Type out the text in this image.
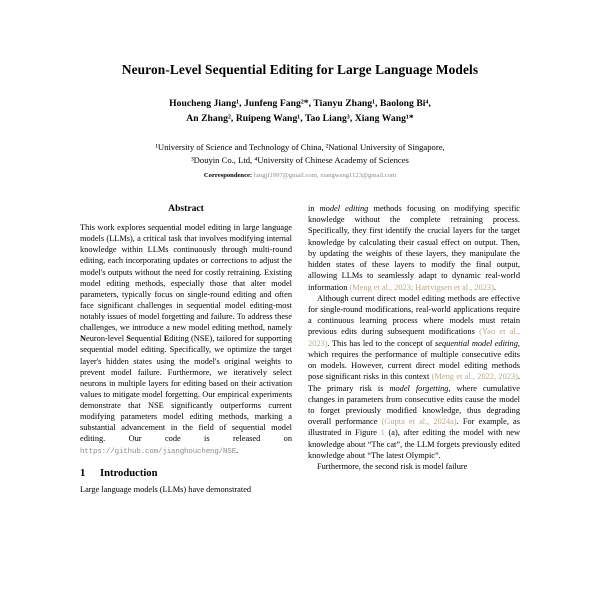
Neuron-Level Sequential Editing for Large Language Models
Houcheng Jiang¹, Junfeng Fang²*, Tianyu Zhang¹, Baolong Bi⁴,
An Zhang², Ruipeng Wang¹, Tao Liang³, Xiang Wang¹*
¹University of Science and Technology of China, ²National University of Singapore,
³Douyin Co., Ltd, ⁴University of Chinese Academy of Sciences
Correspondence: fangjf1997@gmail.com, xiangwang1123@gmail.com
Abstract

This work explores sequential model editing in large language models (LLMs), a critical task that involves modifying internal knowledge within LLMs continuously through multi-round editing, each incorporating updates or corrections to adjust the model's outputs without the need for costly retraining. Existing model editing methods, especially those that alter model parameters, typically focus on single-round editing and often face significant challenges in sequential model editing-most notably issues of model forgetting and failure. To address these challenges, we introduce a new model editing method, namely Neuron-level Sequential Editing (NSE), tailored for supporting sequential model editing. Specifically, we optimize the target layer's hidden states using the model's original weights to prevent model failure. Furthermore, we iteratively select neurons in multiple layers for editing based on their activation values to mitigate model forgetting. Our empirical experiments demonstrate that NSE significantly outperforms current modifying parameters model editing methods, marking a substantial advancement in the field of sequential model editing. Our code is released on https://github.com/jianghoucheng/NSE.

1	Introduction

Large language models (LLMs) have demonstrated

in model editing methods focusing on modifying specific knowledge without the complete retraining process. Specifically, they first identify the crucial layers for the target knowledge by calculating their casual effect on output. Then, by updating the weights of these layers, they manipulate the hidden states of these layers to modify the final output, allowing LLMs to seamlessly adapt to dynamic real-world information (Meng et al., 2023; Hartvigsen et al., 2023).

Although current direct model editing methods are effective for single-round modifications, real-world applications require a continuous learning process where models must retain previous edits during subsequent modifications (Yao et al., 2023). This has led to the concept of sequential model editing, which requires the performance of multiple consecutive edits on models. However, current direct model editing methods pose significant risks in this context (Meng et al., 2022, 2023). The primary risk is model forgetting, where cumulative changes in parameters from consecutive edits cause the model to forget previously modified knowledge, thus degrading overall performance (Gupta et al., 2024a). For example, as illustrated in Figure 1 (a), after editing the model with new knowledge about “The cat”, the LLM forgets previously edited knowledge about “The latest Olympic”.

Furthermore, the second risk is model failure
